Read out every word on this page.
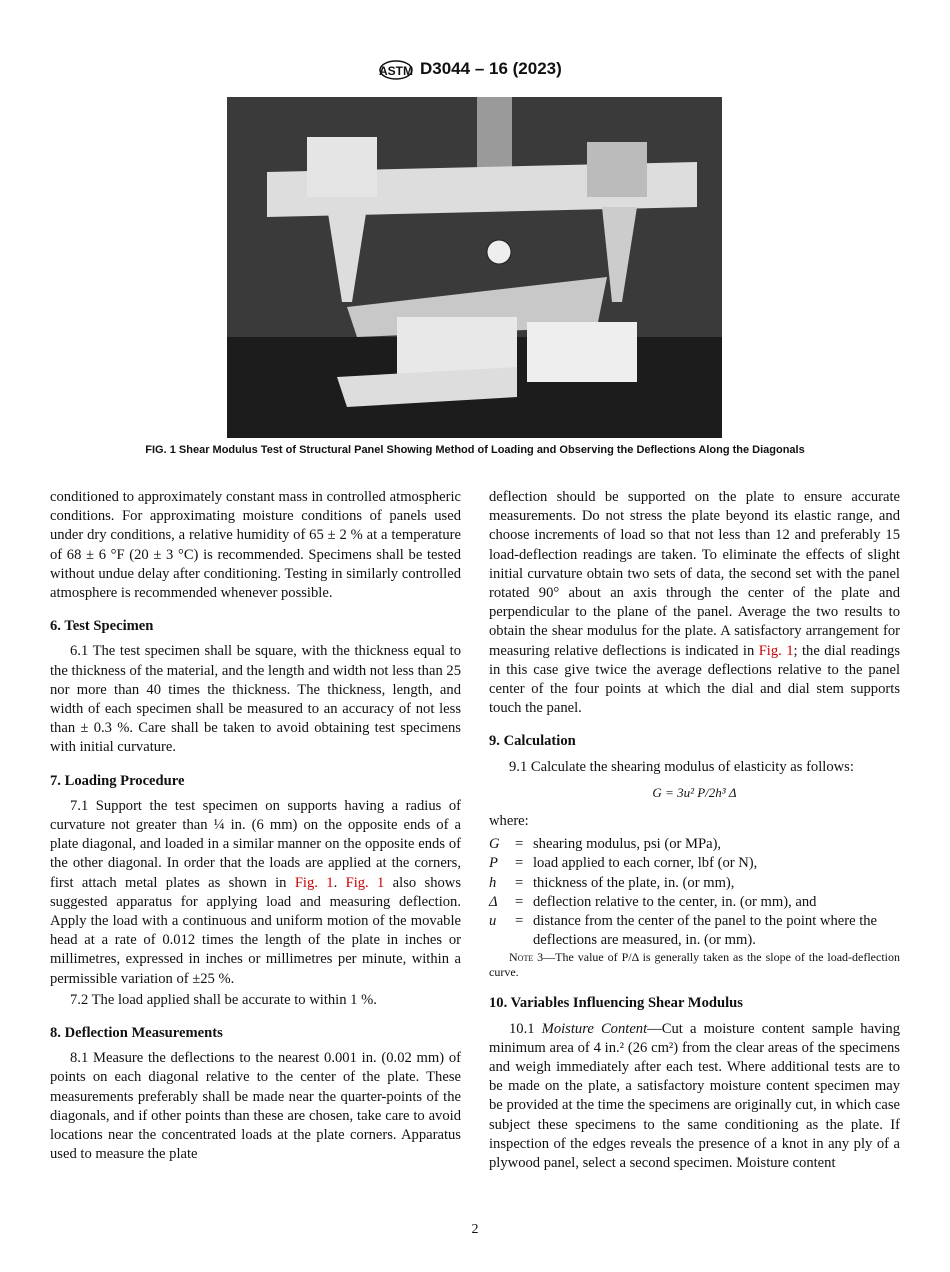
ASTM D3044 – 16 (2023)
FIG. 1 Shear Modulus Test of Structural Panel Showing Method of Loading and Observing the Deflections Along the Diagonals

conditioned to approximately constant mass in controlled atmospheric conditions. For approximating moisture conditions of panels used under dry conditions, a relative humidity of 65 ± 2 % at a temperature of 68 ± 6 °F (20 ± 3 °C) is recommended. Specimens shall be tested without undue delay after conditioning. Testing in similarly controlled atmosphere is recommended whenever possible.

6. Test Specimen

6.1 The test specimen shall be square, with the thickness equal to the thickness of the material, and the length and width not less than 25 nor more than 40 times the thickness. The thickness, length, and width of each specimen shall be measured to an accuracy of not less than ± 0.3 %. Care shall be taken to avoid obtaining test specimens with initial curvature.

7. Loading Procedure

7.1 Support the test specimen on supports having a radius of curvature not greater than ¼ in. (6 mm) on the opposite ends of a plate diagonal, and loaded in a similar manner on the opposite ends of the other diagonal. In order that the loads are applied at the corners, first attach metal plates as shown in Fig. 1. Fig. 1 also shows suggested apparatus for applying load and measuring deflection. Apply the load with a continuous and uniform motion of the movable head at a rate of 0.012 times the length of the plate in inches or millimetres, expressed in inches or millimetres per minute, within a permissible variation of ±25 %.

7.2 The load applied shall be accurate to within 1 %.

8. Deflection Measurements

8.1 Measure the deflections to the nearest 0.001 in. (0.02 mm) of points on each diagonal relative to the center of the plate. These measurements preferably shall be made near the quarter-points of the diagonals, and if other points than these are chosen, take care to avoid locations near the concentrated loads at the plate corners. Apparatus used to measure the plate

deflection should be supported on the plate to ensure accurate measurements. Do not stress the plate beyond its elastic range, and choose increments of load so that not less than 12 and preferably 15 load-deflection readings are taken. To eliminate the effects of slight initial curvature obtain two sets of data, the second set with the panel rotated 90° about an axis through the center of the plate and perpendicular to the plane of the panel. Average the two results to obtain the shear modulus for the plate. A satisfactory arrangement for measuring relative deflections is indicated in Fig. 1; the dial readings in this case give twice the average deflections relative to the panel center of the four points at which the dial and dial stem supports touch the panel.

9. Calculation

9.1 Calculate the shearing modulus of elasticity as follows:

G = 3u² P/2h³ Δ

where:

G	= shearing modulus, psi (or MPa),
P	= load applied to each corner, lbf (or N),
h	= thickness of the plate, in. (or mm),
Δ	= deflection relative to the center, in. (or mm), and
u	= distance from the center of the panel to the point where the deflections are measured, in. (or mm).

Note 3—The value of P/Δ is generally taken as the slope of the load-deflection curve.

10. Variables Influencing Shear Modulus

10.1 Moisture Content—Cut a moisture content sample having minimum area of 4 in.² (26 cm²) from the clear areas of the specimens and weigh immediately after each test. Where additional tests are to be made on the plate, a satisfactory moisture content specimen may be provided at the time the specimens are originally cut, in which case subject these specimens to the same conditioning as the plate. If inspection of the edges reveals the presence of a knot in any ply of a plywood panel, select a second specimen. Moisture content

2
